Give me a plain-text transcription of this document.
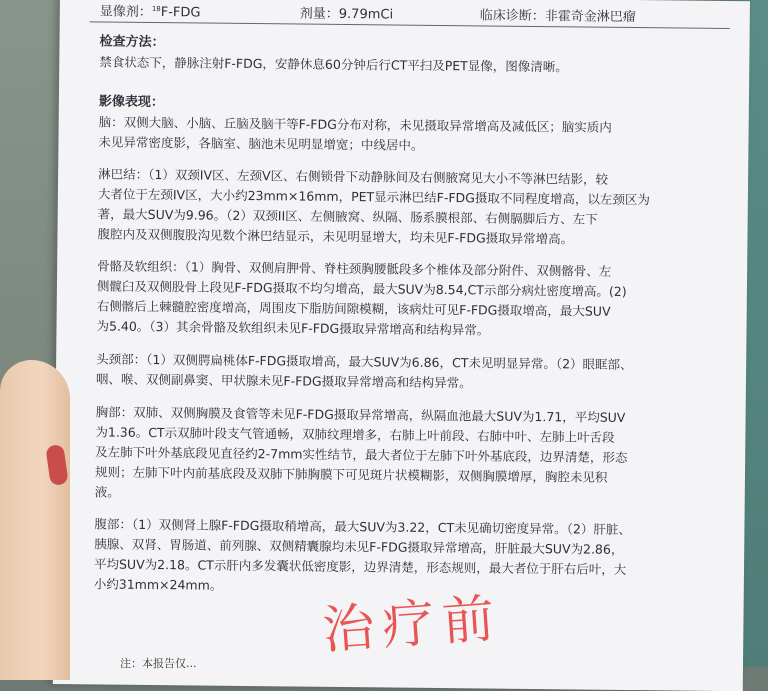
显像剂：$^{18}$F-FDG	剂量：9.79mCi	临床诊断：非霍奇金淋巴瘤
检查方法：
禁食状态下，静脉注射F-FDG，安静休息60分钟后行CT平扫及PET显像，图像清晰。
影像表现：
脑：双侧大脑、小脑、丘脑及脑干等F-FDG分布对称，未见摄取异常增高及减低区；脑实质内
未见异常密度影，各脑室、脑池未见明显增宽；中线居中。
淋巴结：（1）双颈IV区、左颈V区、右侧锁骨下动静脉间及右侧腋窝见大小不等淋巴结影，较
大者位于左颈IV区，大小约23mm×16mm，PET显示淋巴结F-FDG摄取不同程度增高，以左颈区为
著，最大SUV为9.96。（2）双颈II区、左侧腋窝、纵隔、肠系膜根部、右侧膈脚后方、左下
腹腔内及双侧腹股沟见数个淋巴结显示，未见明显增大，均未见F-FDG摄取异常增高。
骨骼及软组织：（1）胸骨、双侧肩胛骨、脊柱颈胸腰骶段多个椎体及部分附件、双侧髂骨、左
侧髋臼及双侧股骨上段见F-FDG摄取不均匀增高，最大SUV为8.54,CT示部分病灶密度增高。(2)
右侧髂后上棘髓腔密度增高，周围皮下脂肪间隙模糊，该病灶可见F-FDG摄取增高，最大SUV
为5.40。（3）其余骨骼及软组织未见F-FDG摄取异常增高和结构异常。
头颈部：（1）双侧腭扁桃体F-FDG摄取增高，最大SUV为6.86，CT未见明显异常。（2）眼眶部、
咽、喉、双侧副鼻窦、甲状腺未见F-FDG摄取异常增高和结构异常。
胸部：双肺、双侧胸膜及食管等未见F-FDG摄取异常增高，纵隔血池最大SUV为1.71，平均SUV
为1.36。CT示双肺叶段支气管通畅，双肺纹理增多，右肺上叶前段、右肺中叶、左肺上叶舌段
及左肺下叶外基底段见直径约2-7mm实性结节，最大者位于左肺下叶外基底段，边界清楚，形态
规则；左肺下叶内前基底段及双肺下肺胸膜下可见斑片状模糊影，双侧胸膜增厚，胸腔未见积
液。
腹部：（1）双侧肾上腺F-FDG摄取稍增高，最大SUV为3.22，CT未见确切密度异常。（2）肝脏、
胰腺、双肾、胃肠道、前列腺、双侧精囊腺均未见F-FDG摄取异常增高，肝脏最大SUV为2.86，
平均SUV为2.18。CT示肝内多发囊状低密度影，边界清楚，形态规则，最大者位于肝右后叶，大
小约31mm×24mm。
治疗前
注：本报告仅...
